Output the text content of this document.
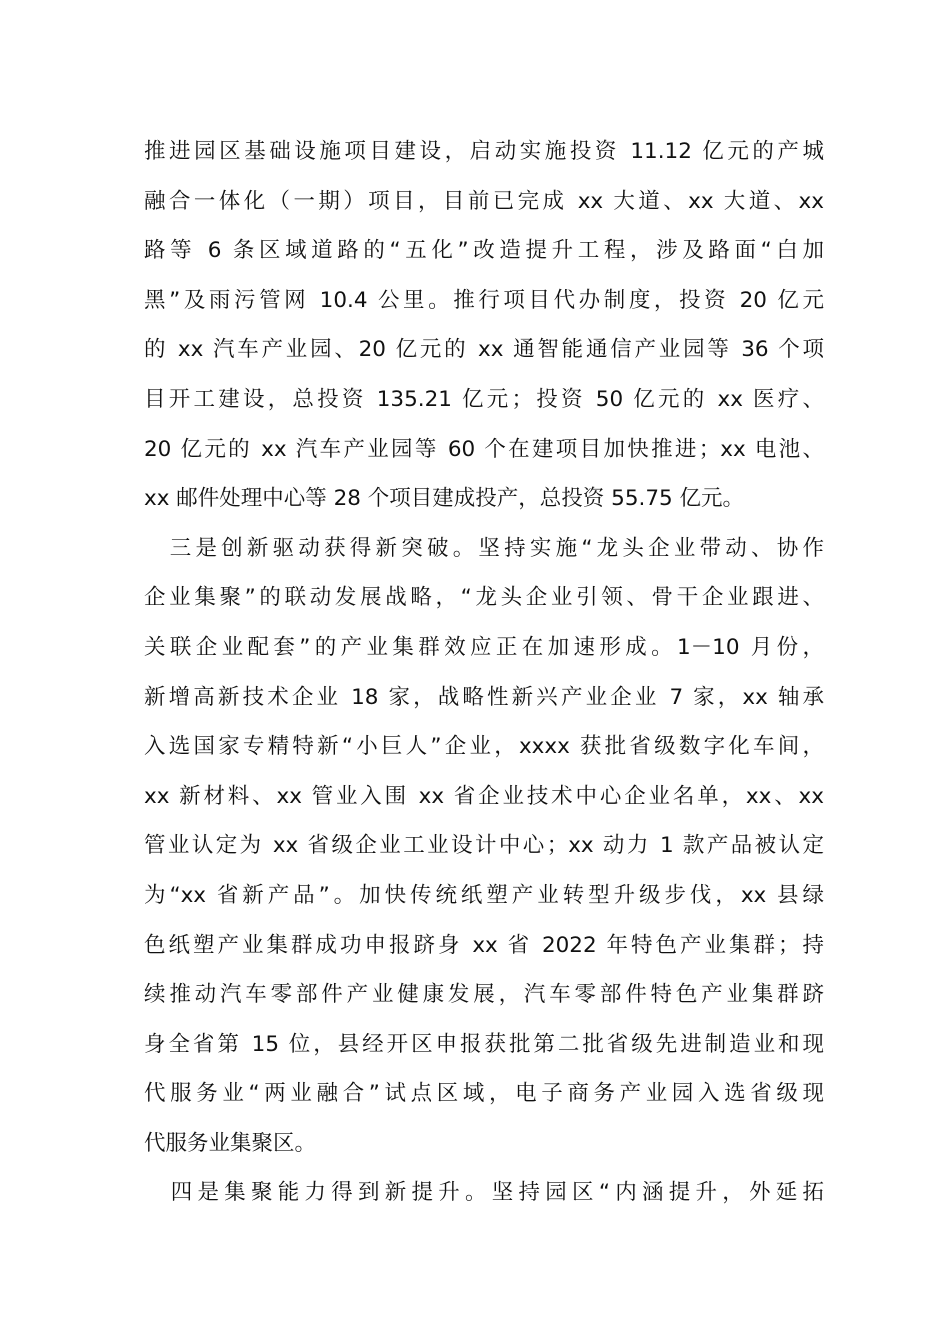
推进园区基础设施项目建设，启动实施投资 11.12 亿元的产城
融合一体化（一期）项目，目前已完成 xx 大道、xx 大道、xx
路等 6 条区域道路的“五化”改造提升工程，涉及路面“白加
黑”及雨污管网 10.4 公里。推行项目代办制度，投资 20 亿元
的 xx 汽车产业园、20 亿元的 xx 通智能通信产业园等 36 个项
目开工建设，总投资 135.21 亿元；投资 50 亿元的 xx 医疗、
20 亿元的 xx 汽车产业园等 60 个在建项目加快推进；xx 电池、
xx 邮件处理中心等 28 个项目建成投产，总投资 55.75 亿元。
　三是创新驱动获得新突破。坚持实施“龙头企业带动、协作
企业集聚”的联动发展战略，“龙头企业引领、骨干企业跟进、
关联企业配套”的产业集群效应正在加速形成。1－10 月份，
新增高新技术企业 18 家，战略性新兴产业企业 7 家，xx 轴承
入选国家专精特新“小巨人”企业，xxxx 获批省级数字化车间，
xx 新材料、xx 管业入围 xx 省企业技术中心企业名单，xx、xx
管业认定为 xx 省级企业工业设计中心；xx 动力 1 款产品被认定
为“xx 省新产品”。加快传统纸塑产业转型升级步伐，xx 县绿
色纸塑产业集群成功申报跻身 xx 省 2022 年特色产业集群；持
续推动汽车零部件产业健康发展，汽车零部件特色产业集群跻
身全省第 15 位，县经开区申报获批第二批省级先进制造业和现
代服务业“两业融合”试点区域，电子商务产业园入选省级现
代服务业集聚区。
　四是集聚能力得到新提升。坚持园区“内涵提升，外延拓
